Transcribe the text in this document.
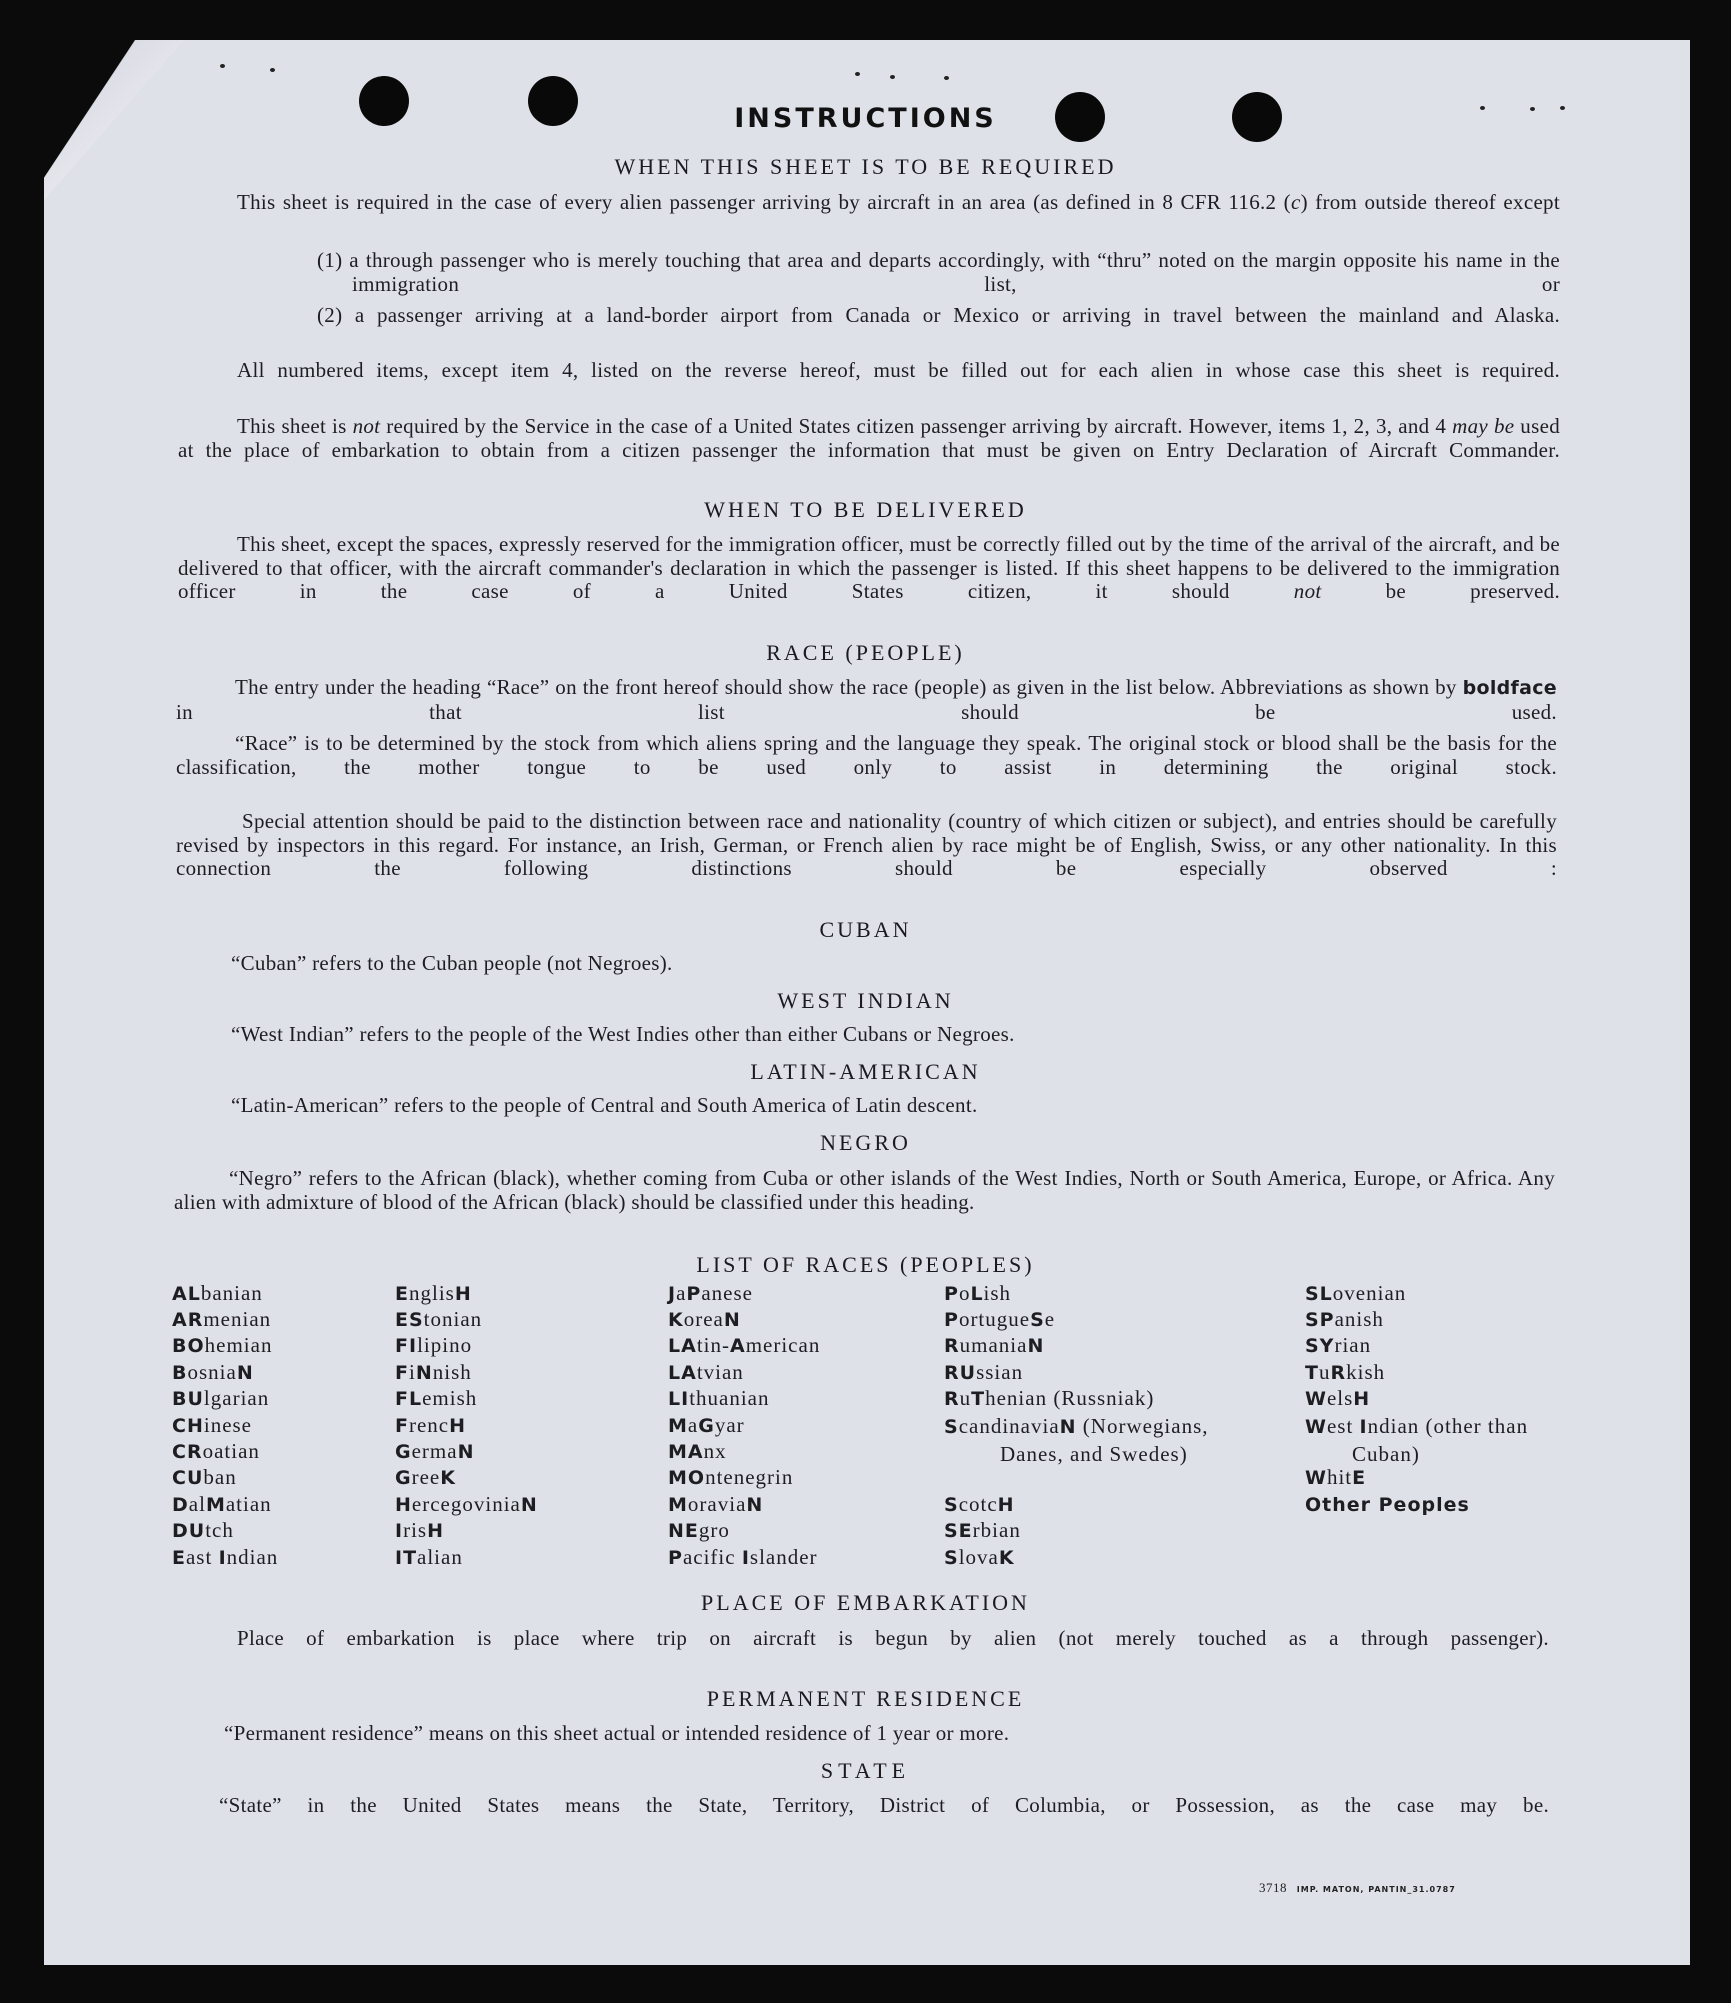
INSTRUCTIONS
WHEN THIS SHEET IS TO BE REQUIRED
This sheet is required in the case of every alien passenger arriving by aircraft in an area (as defined in 8 CFR 116.2 (c) from outside thereof except
(1) a through passenger who is merely touching that area and departs accordingly, with “thru” noted on the margin opposite his name in the immigration list, or
(2) a passenger arriving at a land-border airport from Canada or Mexico or arriving in travel between the mainland and Alaska.
All numbered items, except item 4, listed on the reverse hereof, must be filled out for each alien in whose case this sheet is required.
This sheet is not required by the Service in the case of a United States citizen passenger arriving by aircraft. However, items 1, 2, 3, and 4 may be used at the place of embarkation to obtain from a citizen passenger the information that must be given on Entry Declaration of Aircraft Commander.
WHEN TO BE DELIVERED
This sheet, except the spaces, expressly reserved for the immigration officer, must be correctly filled out by the time of the arrival of the aircraft, and be delivered to that officer, with the aircraft commander's declaration in which the passenger is listed. If this sheet happens to be delivered to the immigration officer in the case of a United States citizen, it should not be preserved.
RACE (PEOPLE)
The entry under the heading “Race” on the front hereof should show the race (people) as given in the list below. Abbreviations as shown by boldface in that list should be used.
“Race” is to be determined by the stock from which aliens spring and the language they speak. The original stock or blood shall be the basis for the classification, the mother tongue to be used only to assist in determining the original stock.
Special attention should be paid to the distinction between race and nationality (country of which citizen or subject), and entries should be carefully revised by inspectors in this regard. For instance, an Irish, German, or French alien by race might be of English, Swiss, or any other nationality. In this connection the following distinctions should be especially observed :
CUBAN
“Cuban” refers to the Cuban people (not Negroes).
WEST INDIAN
“West Indian” refers to the people of the West Indies other than either Cubans or Negroes.
LATIN-AMERICAN
“Latin-American” refers to the people of Central and South America of Latin descent.
NEGRO
“Negro” refers to the African (black), whether coming from Cuba or other islands of the West Indies, North or South America, Europe, or Africa. Any alien with admixture of blood of the African (black) should be classified under this heading.
LIST OF RACES (PEOPLES)
ALbanian
ARmenian
BOhemian
BosniaN
BUlgarian
CHinese
CRoatian
CUban
DalMatian
DUtch
East Indian
EnglisH
EStonian
FIlipino
FiNnish
FLemish
FrencH
GermaN
GreeK
HercegoviniaN
IrisH
ITalian
JaPanese
KoreaN
LAtin-American
LAtvian
LIthuanian
MaGyar
MAnx
MOntenegrin
MoraviaN
NEgro
Pacific Islander
PoLish
PortugueSe
RumaniaN
RUssian
RuThenian (Russniak)
ScandinaviaN (Norwegians, Danes, and Swedes)
ScotcH
SErbian
SlovaK
SLovenian
SPanish
SYrian
TuRkish
WelsH
West Indian (other than Cuban)
WhitE
Other Peoples
PLACE OF EMBARKATION
Place of embarkation is place where trip on aircraft is begun by alien (not merely touched as a through passenger).
PERMANENT RESIDENCE
“Permanent residence” means on this sheet actual or intended residence of 1 year or more.
STATE
“State” in the United States means the State, Territory, District of Columbia, or Possession, as the case may be.
3718 IMP. MATON, PANTIN_31.0787
